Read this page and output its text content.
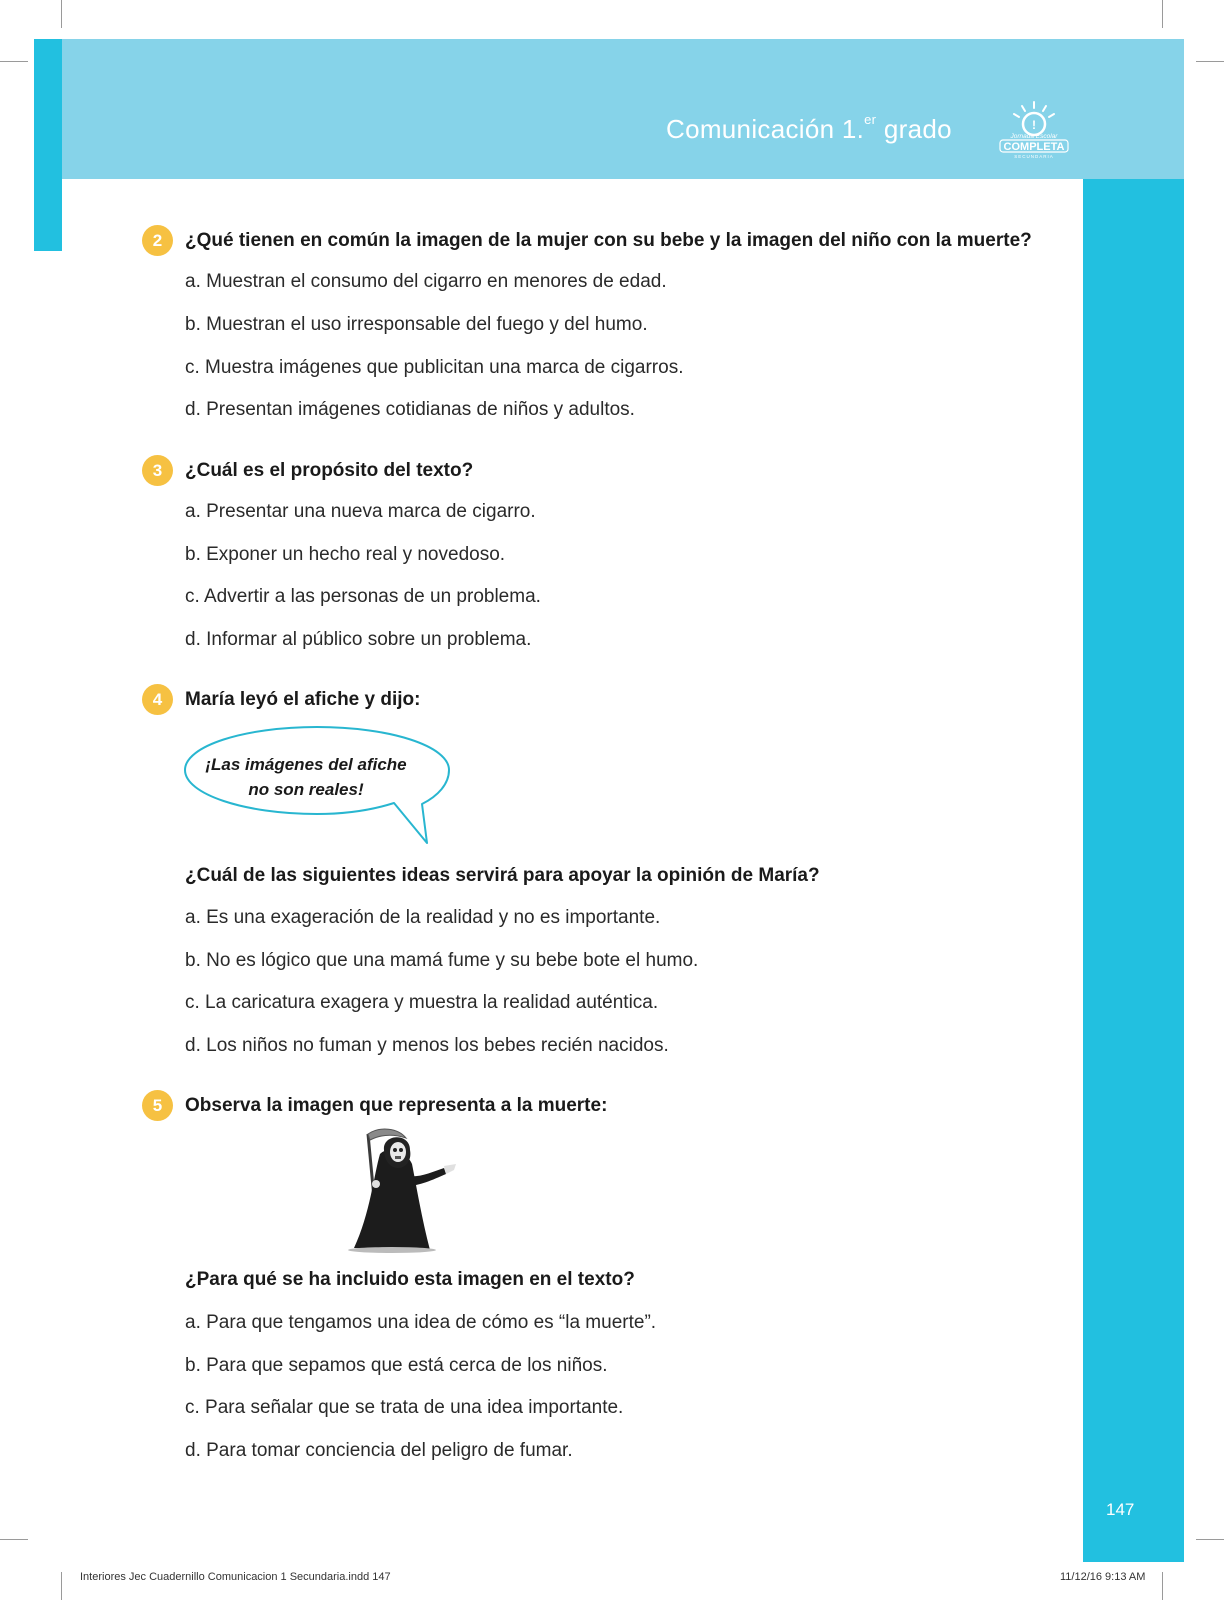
Comunicación 1.$^{er}$ grado	!
Jornada Escolar
COMPLETA
SECUNDARIA
2	¿Qué tienen en común la imagen de la mujer con su bebe y la imagen del niño con la muerte?
a. Muestran el consumo del cigarro en menores de edad.
b. Muestran el uso irresponsable del fuego y del humo.
c. Muestra imágenes que publicitan una marca de cigarros.
d. Presentan imágenes cotidianas de niños y adultos.
3	¿Cuál es el propósito del texto?
a. Presentar una nueva marca de cigarro.
b. Exponer un hecho real y novedoso.
c. Advertir a las personas de un problema.
d. Informar al público sobre un problema.
4	María leyó el afiche y dijo:
¡Las imágenes del afiche
no son reales!
¿Cuál de las siguientes ideas servirá para apoyar la opinión de María?
a. Es una exageración de la realidad y no es importante.
b. No es lógico que una mamá fume y su bebe bote el humo.
c. La caricatura exagera y muestra la realidad auténtica.
d. Los niños no fuman y menos los bebes recién nacidos.
5	Observa la imagen que representa a la muerte:
¿Para qué se ha incluido esta imagen en el texto?
a. Para que tengamos una idea de cómo es “la muerte”.
b. Para que sepamos que está cerca de los niños.
c. Para señalar que se trata de una idea importante.
d. Para tomar conciencia del peligro de fumar.
147
Interiores Jec Cuadernillo Comunicacion 1 Secundaria.indd 147	11/12/16 9:13 AM
